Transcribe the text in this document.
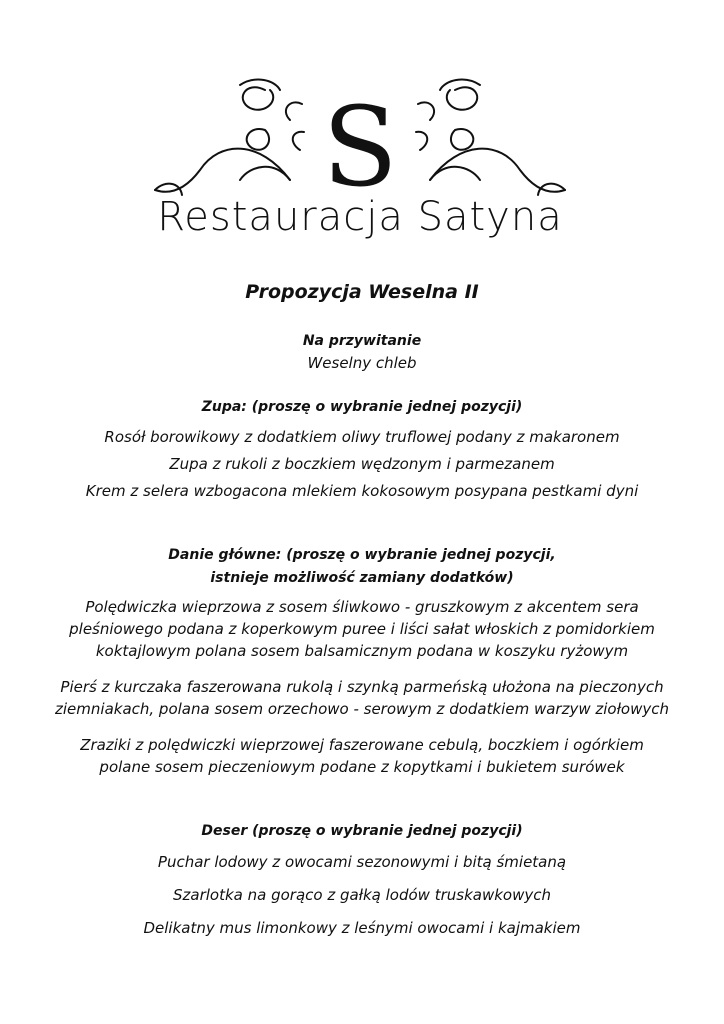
S
Restauracja Satyna
Propozycja Weselna II
Na przywitanie
Weselny chleb
Zupa: (proszę o wybranie jednej pozycji)
Rosół borowikowy z dodatkiem oliwy truflowej podany z makaronem
Zupa z rukoli z boczkiem wędzonym i parmezanem
Krem z selera wzbogacona mlekiem kokosowym posypana pestkami dyni
Danie główne: (proszę o wybranie jednej pozycji,
istnieje możliwość zamiany dodatków)
Polędwiczka wieprzowa z sosem śliwkowo - gruszkowym z akcentem sera
pleśniowego podana z koperkowym puree i liści sałat włoskich z pomidorkiem
koktajlowym polana sosem balsamicznym podana w koszyku ryżowym
Pierś z kurczaka faszerowana rukolą i szynką parmeńską ułożona na pieczonych
ziemniakach, polana sosem orzechowo - serowym z dodatkiem warzyw ziołowych
Zraziki z polędwiczki wieprzowej faszerowane cebulą, boczkiem i ogórkiem
polane sosem pieczeniowym podane z kopytkami i bukietem surówek
Deser (proszę o wybranie jednej pozycji)
Puchar lodowy z owocami sezonowymi i bitą śmietaną
Szarlotka na gorąco z gałką lodów truskawkowych
Delikatny mus limonkowy z leśnymi owocami i kajmakiem
